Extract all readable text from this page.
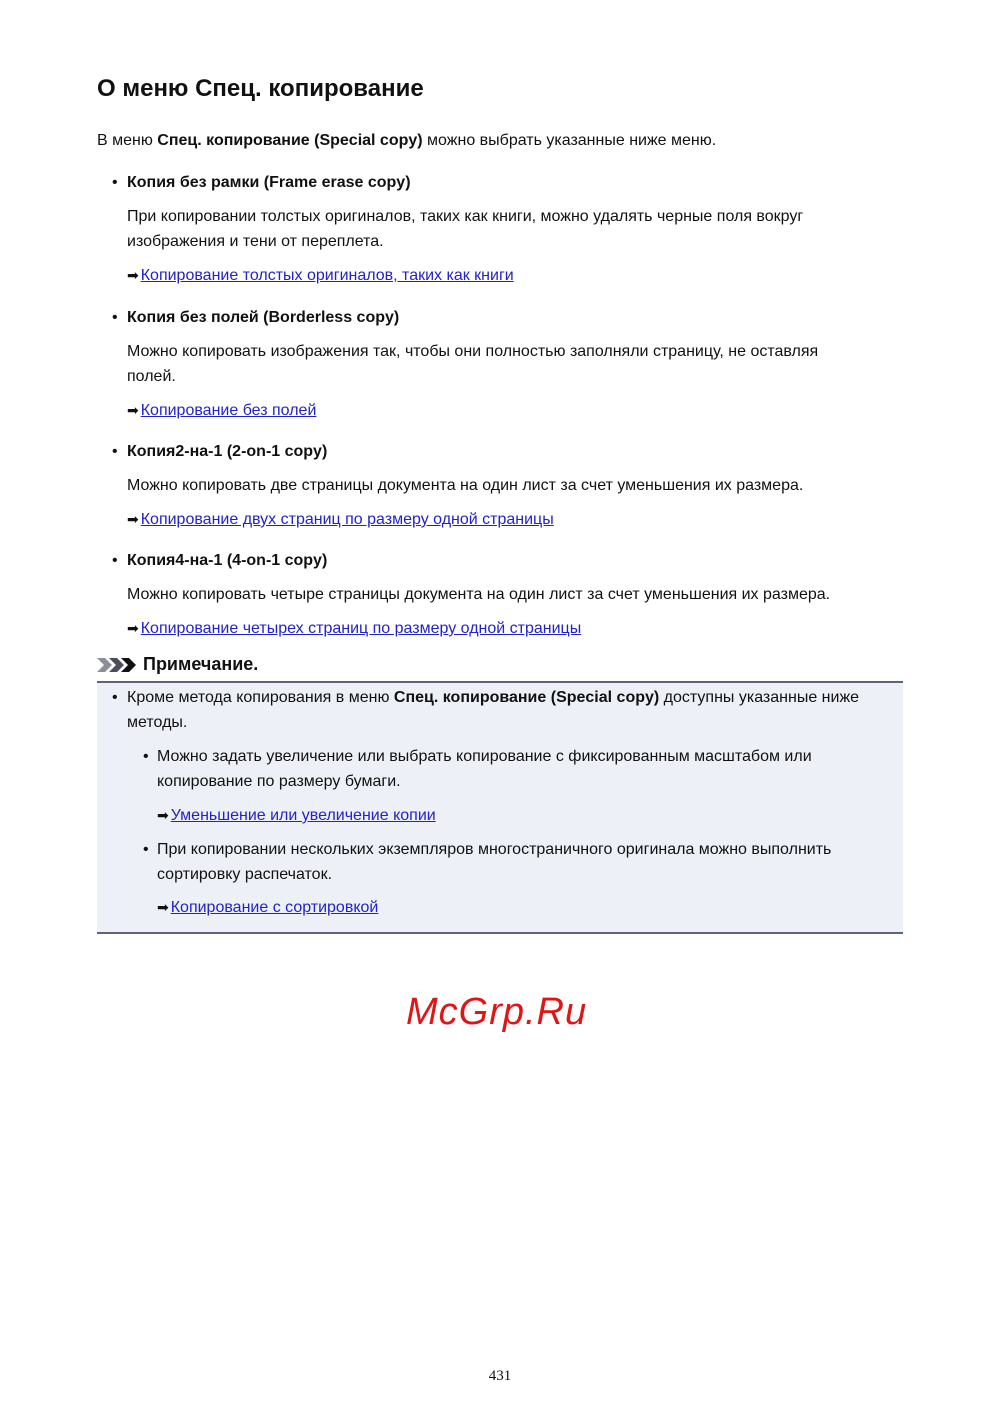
О меню Спец. копирование
В меню Спец. копирование (Special copy) можно выбрать указанные ниже меню.
• Копия без рамки (Frame erase copy)
При копировании толстых оригиналов, таких как книги, можно удалять черные поля вокруг
изображения и тени от переплета.
➡ Копирование толстых оригиналов, таких как книги
• Копия без полей (Borderless copy)
Можно копировать изображения так, чтобы они полностью заполняли страницу, не оставляя
полей.
➡ Копирование без полей
• Копия2-на-1 (2-on-1 copy)
Можно копировать две страницы документа на один лист за счет уменьшения их размера.
➡ Копирование двух страниц по размеру одной страницы
• Копия4-на-1 (4-on-1 copy)
Можно копировать четыре страницы документа на один лист за счет уменьшения их размера.
➡ Копирование четырех страниц по размеру одной страницы
Примечание.
• Кроме метода копирования в меню Спец. копирование (Special copy) доступны указанные ниже
методы.
• Можно задать увеличение или выбрать копирование с фиксированным масштабом или
копирование по размеру бумаги.
➡ Уменьшение или увеличение копии
• При копировании нескольких экземпляров многостраничного оригинала можно выполнить
сортировку распечаток.
➡ Копирование с сортировкой
McGrp.Ru
431
